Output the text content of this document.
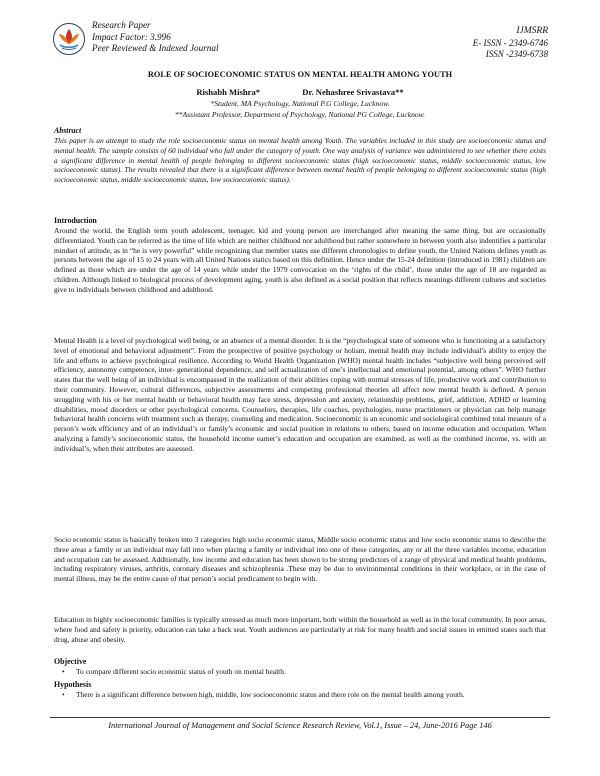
Research Paper
Impact Factor: 3.996
Peer Reviewed & Indexed Journal
IJMSRR
E- ISSN - 2349-6746
ISSN -2349-6738
ROLE OF SOCIOECONOMIC STATUS ON MENTAL HEALTH AMONG YOUTH
Rishabh Mishra*	Dr. Nehashree Srivastava**
*Student, MA Psychology, National P.G College, Lucknow.
**Assistant Professor, Department of Psychology, National PG College, Lucknow.
Abstract

This paper is an attempt to study the role socioeconomic status on mental health among Youth. The variables included in this study are socioeconomic status and mental health. The sample consists of 60 individual who fall under the category of youth. One way analysis of variance was administered to see whether there exists a significant difference in mental health of people belonging to different socioeconomic status (high socioeconomic status, middle socioeconomic status, low socioeconomic status). The results revealed that there is a significant difference between mental health of people belonging to different socioeconomic status (high socioeconomic status, middle socioeconomic status, low socioeconomic status).

Introduction

Around the world, the English term youth adolescent, teenager, kid and young person are interchanged after meaning the same thing, but are occasionally differentiated. Youth can be referred as the time of life which are neither childhood nor adulthood but rather somewhere in between youth also indentifies a particular mindset of attitude, as in “he is very powerful” while recognizing that member states use different chronologies to define youth, the United Nations defines youth as persons between the age of 15 to 24 years with all United Nations statics based on this definition. Hence under the 15-24 definition (introduced in 1981) children are defined as those which are under the age of 14 years while under the 1979 convocation on the ‘rights of the child’, those under the age of 18 are regarded as children. Although linked to biological process of development aging, youth is also defined as a social position that reflects meanings different cultures and societies give to individuals between childhood and adulthood.

Mental Health is a level of psychological well being, or an absence of a mental disorder. It is the “psychological state of someone who is functioning at a satisfactory level of emotional and behavioral adjustment”. From the prospective of positive psychology or holism, mental health may include individual’s ability to enjoy the life and efforts to achieve psychological resilience. According to World Health Organization (WHO) mental health includes “subjective well being perceived self efficiency, autonomy competence, inter- generational dependence, and self actualization of one’s intellectual and emotional potential, among others”. WHO further states that the well being of an individual is encompassed in the realization of their abilities coping with normal stresses of life, productive work and contribution to their community. However, cultural differences, subjective assessments and competing professional theories all affect now mental health is defined. A person struggling with his or her mental health or behavioral health may face stress, depression and anxiety, relationship problems, grief, addiction, ADHD or learning disabilities, mood disorders or other psychological concerns. Counselors, therapies, life coaches, psychologies, nurse practitioners or physician can help manage behavioral health concerns with treatment such as therapy, counseling and medication. Socioeconomic is an economic and sociological combined total measure of a person’s work efficiency and of an individual’s or family’s economic and social position in relations to others, based on income education and occupation. When analyzing a family’s socioeconomic status, the household income earner’s education and occupation are examined, as well as the combined income, vs. with an individual’s, when their attributes are assessed.

Socio economic status is basically broken into 3 categories high socio economic status, Middle socio economic status and low socio economic status to describe the three areas a family or an individual may fall into when placing a family or individual into one of these categories, any or all the three variables income, education and occupation can be assessed. Additionally, low income and education has been shown to be strong predictors of a range of physical and medical health problems, including respiratory viruses, arthritis, coronary diseases and schizophrenia .These may be due to environmental conditions in their workplace, or in the case of mental illness, may be the entire cause of that person’s social predicament to begin with.

Education in highly socioeconomic families is typically stressed as much more important, both within the household as well as in the local community. In poor areas, where food and safety is priority, education can take a back seat. Youth audiences are particularly at risk for many health and social issues in emitted states such that drug, abuse and obesity.

Objective
• To compare different socio economic status of youth on mental health.
Hypothesis
• There is a significant difference between high, middle, low socioeconomic status and there role on the mental health among youth.
International Journal of Management and Social Science Research Review, Vol.1, Issue – 24, June-2016 Page 146
